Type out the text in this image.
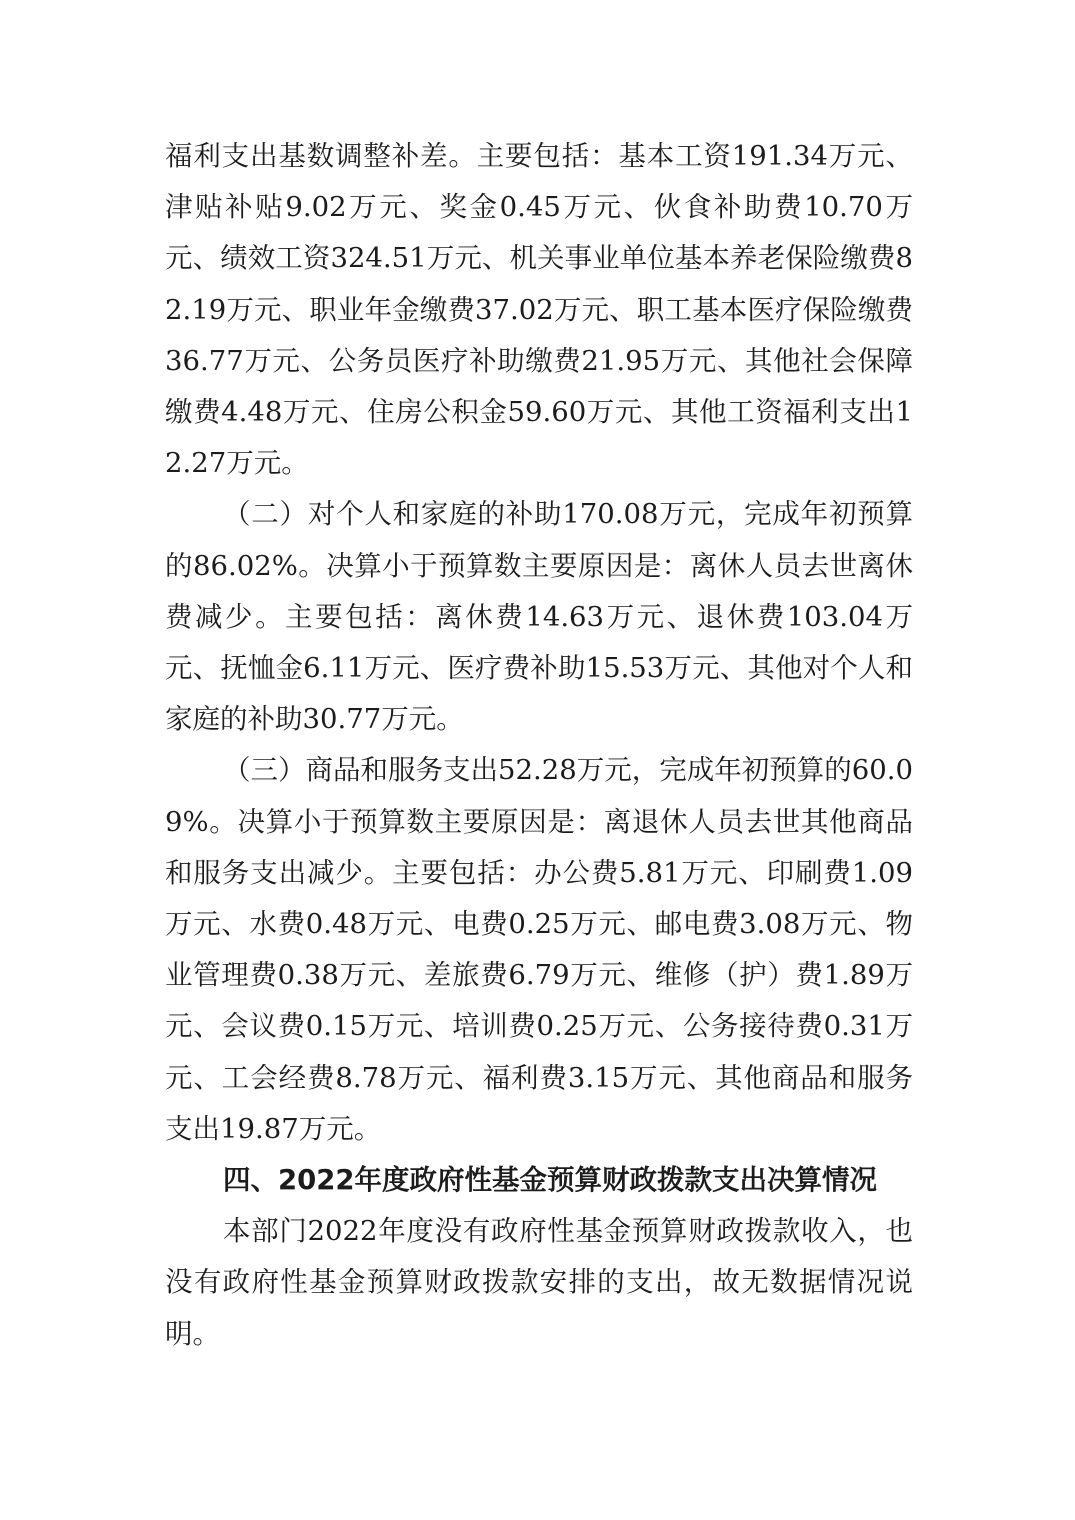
福利支出基数调整补差。主要包括：基本工资191.34万元、津贴补贴9.02万元、奖金0.45万元、伙食补助费10.70万元、绩效工资324.51万元、机关事业单位基本养老保险缴费82.19万元、职业年金缴费37.02万元、职工基本医疗保险缴费36.77万元、公务员医疗补助缴费21.95万元、其他社会保障缴费4.48万元、住房公积金59.60万元、其他工资福利支出12.27万元。

（二）对个人和家庭的补助170.08万元，完成年初预算的86.02%。决算小于预算数主要原因是：离休人员去世离休费减少。主要包括：离休费14.63万元、退休费103.04万元、抚恤金6.11万元、医疗费补助15.53万元、其他对个人和家庭的补助30.77万元。

（三）商品和服务支出52.28万元，完成年初预算的60.09%。决算小于预算数主要原因是：离退休人员去世其他商品和服务支出减少。主要包括：办公费5.81万元、印刷费1.09万元、水费0.48万元、电费0.25万元、邮电费3.08万元、物业管理费0.38万元、差旅费6.79万元、维修（护）费1.89万元、会议费0.15万元、培训费0.25万元、公务接待费0.31万元、工会经费8.78万元、福利费3.15万元、其他商品和服务支出19.87万元。

四、2022年度政府性基金预算财政拨款支出决算情况

本部门2022年度没有政府性基金预算财政拨款收入，也没有政府性基金预算财政拨款安排的支出，故无数据情况说明。
